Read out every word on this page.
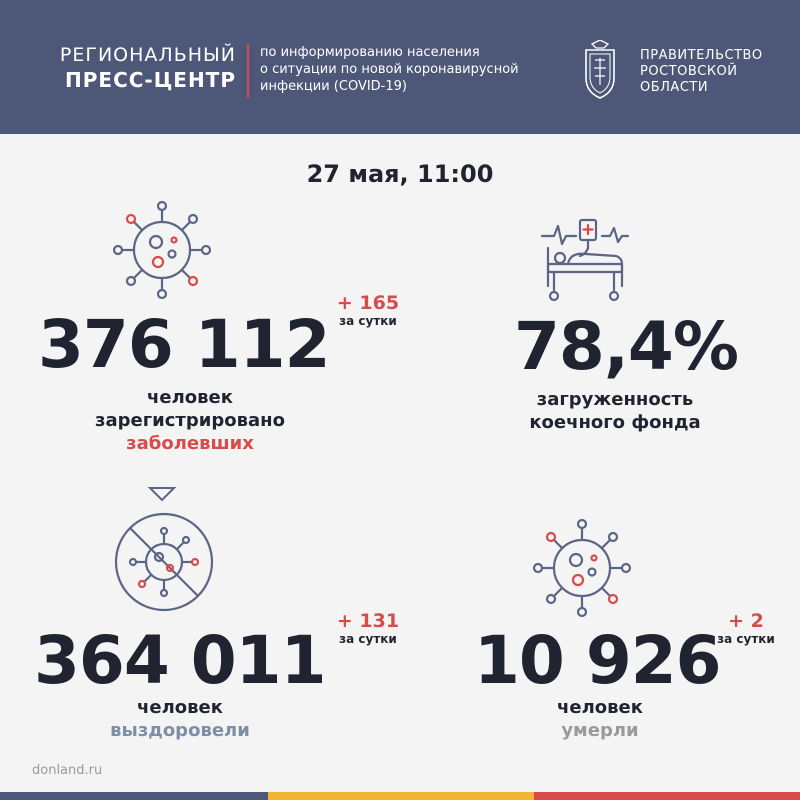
РЕГИОНАЛЬНЫЙ
ПРЕСС-ЦЕНТР
по информированию населения
о ситуации по новой коронавирусной
инфекции (COVID-19)
ПРАВИТЕЛЬСТВО
РОСТОВСКОЙ
ОБЛАСТИ
27 мая, 11:00
376 112
+ 165
за сутки
человек
зарегистрировано
заболевших
78,4%
загруженность
коечного фонда
364 011
+ 131
за сутки
человек
выздоровели
10 926
+ 2
за сутки
человек
умерли
donland.ru
